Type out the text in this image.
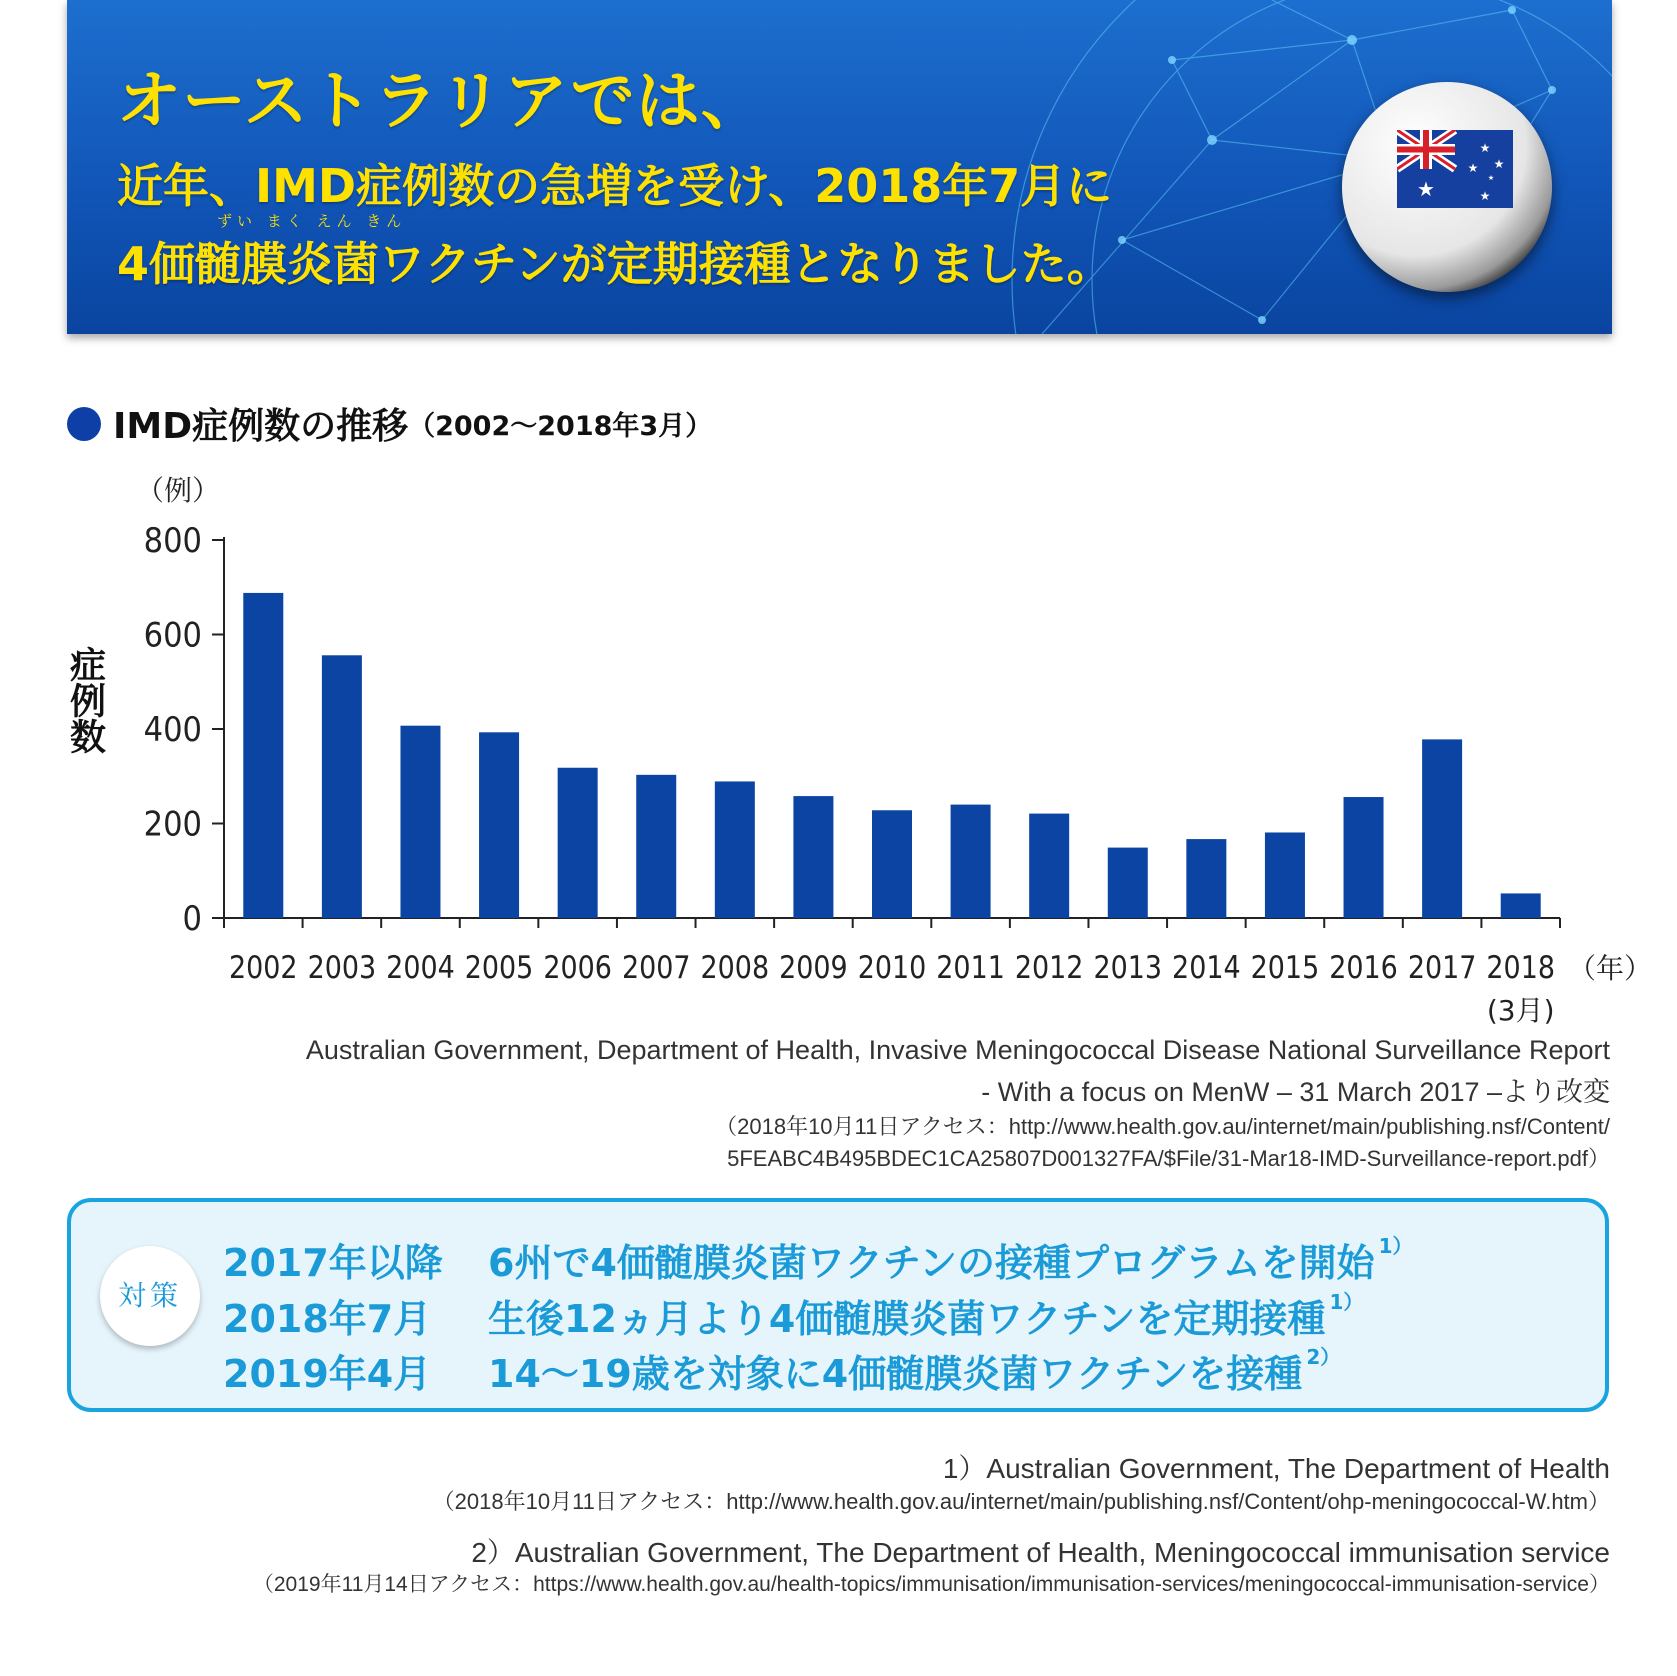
オーストラリアでは、
近年、IMD症例数の急増を受け、2018年7月に
ずい まく えん きん
4価髄膜炎菌ワクチンが定期接種となりました。
★	★
★
★ ★
★
IMD症例数の推移（2002～2018年3月）
0
200
400
600
800
（例）
症例数
2002 2003 2004 2005 2006 2007 2008 2009 2010 2011 2012 2013 2014 2015 2016 2017 2018
(3月)
（年）
Australian Government, Department of Health, Invasive Meningococcal Disease National Surveillance Report
- With a focus on MenW – 31 March 2017 –より改変
（2018年10月11日アクセス：http://www.health.gov.au/internet/main/publishing.nsf/Content/
5FEABC4B495BDEC1CA25807D001327FA/$File/31-Mar18-IMD-Surveillance-report.pdf）
対策
2017年以降 6州で4価髄膜炎菌ワクチンの接種プログラムを開始 $^{1)}$
2018年7月 生後12ヵ月より4価髄膜炎菌ワクチンを定期接種 $^{1)}$
2019年4月 14～19歳を対象に4価髄膜炎菌ワクチンを接種 $^{2)}$
1）Australian Government, The Department of Health
（2018年10月11日アクセス：http://www.health.gov.au/internet/main/publishing.nsf/Content/ohp-meningococcal-W.htm）
2）Australian Government, The Department of Health, Meningococcal immunisation service
（2019年11月14日アクセス：https://www.health.gov.au/health-topics/immunisation/immunisation-services/meningococcal-immunisation-service）
